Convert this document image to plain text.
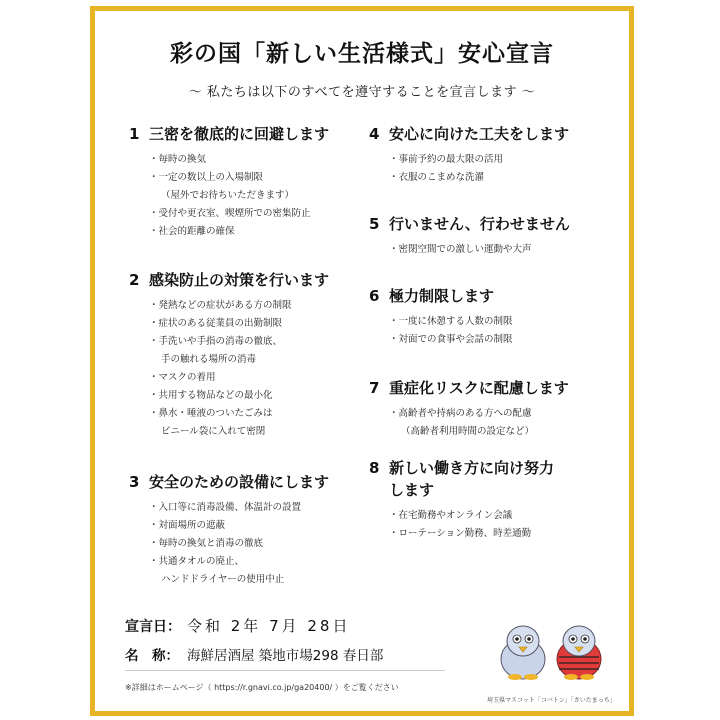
彩の国「新しい生活様式」安心宣言
～ 私たちは以下のすべてを遵守することを宣言します ～
1 三密を徹底的に回避します
・毎時の換気
・一定の数以上の入場制限
（屋外でお待ちいただきます）
・受付や更衣室、喫煙所での密集防止
・社会的距離の確保
2 感染防止の対策を行います
・発熱などの症状がある方の制限
・症状のある従業員の出勤制限
・手洗いや手指の消毒の徹底、
手の触れる場所の消毒
・マスクの着用
・共用する物品などの最小化
・鼻水・唾液のついたごみは
ビニール袋に入れて密閉
3 安全のための設備にします
・入口等に消毒設備、体温計の設置
・対面場所の遮蔽
・毎時の換気と消毒の徹底
・共通タオルの廃止、
ハンドドライヤーの使用中止
4 安心に向けた工夫をします
・事前予約の最大限の活用
・衣服のこまめな洗濯
5 行いません、行わせません
・密閉空間での激しい運動や大声
6 極力制限します
・一度に休憩する人数の制限
・対面での食事や会話の制限
7 重症化リスクに配慮します
・高齢者や持病のある方への配慮
（高齢者利用時間の設定など）
8 新しい働き方に向け努力
します
・在宅勤務やオンライン会議
・ローテーション勤務、時差通勤
宣言日： 令和 2年 7月 28日
名　称： 海鮮居酒屋 築地市場298 春日部
※詳細はホームページ（ https://r.gnavi.co.jp/ga20400/ ）をご覧ください
埼玉県マスコット「コバトン」「さいたまっち」
